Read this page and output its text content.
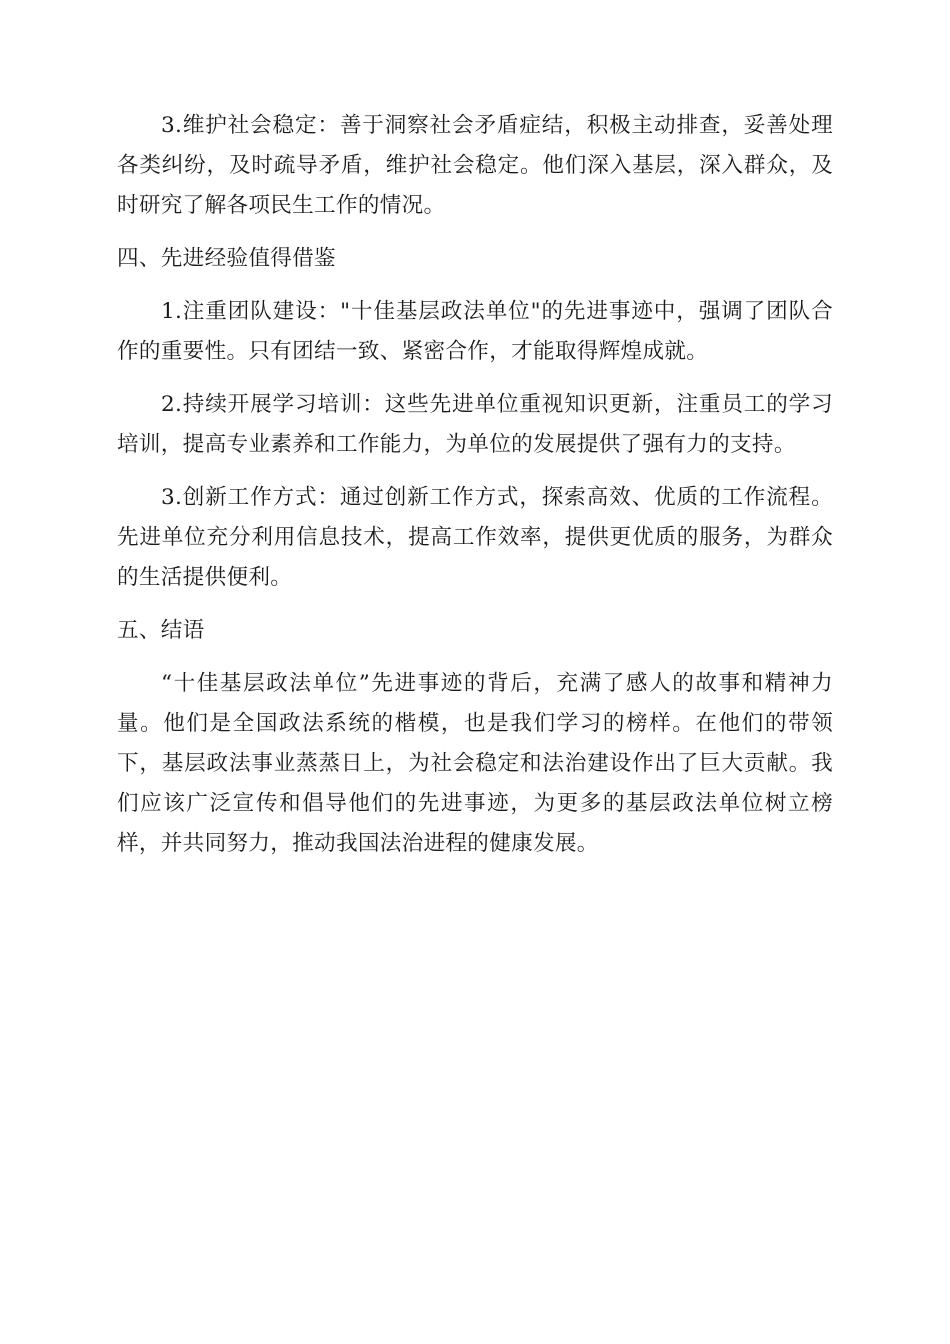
3.维护社会稳定：善于洞察社会矛盾症结，积极主动排查，妥善处理各类纠纷，及时疏导矛盾，维护社会稳定。他们深入基层，深入群众，及时研究了解各项民生工作的情况。

四、先进经验值得借鉴

1.注重团队建设："十佳基层政法单位"的先进事迹中，强调了团队合作的重要性。只有团结一致、紧密合作，才能取得辉煌成就。

2.持续开展学习培训：这些先进单位重视知识更新，注重员工的学习培训，提高专业素养和工作能力，为单位的发展提供了强有力的支持。

3.创新工作方式：通过创新工作方式，探索高效、优质的工作流程。先进单位充分利用信息技术，提高工作效率，提供更优质的服务，为群众的生活提供便利。

五、结语

“十佳基层政法单位”先进事迹的背后，充满了感人的故事和精神力量。他们是全国政法系统的楷模，也是我们学习的榜样。在他们的带领下，基层政法事业蒸蒸日上，为社会稳定和法治建设作出了巨大贡献。我们应该广泛宣传和倡导他们的先进事迹，为更多的基层政法单位树立榜样，并共同努力，推动我国法治进程的健康发展。
